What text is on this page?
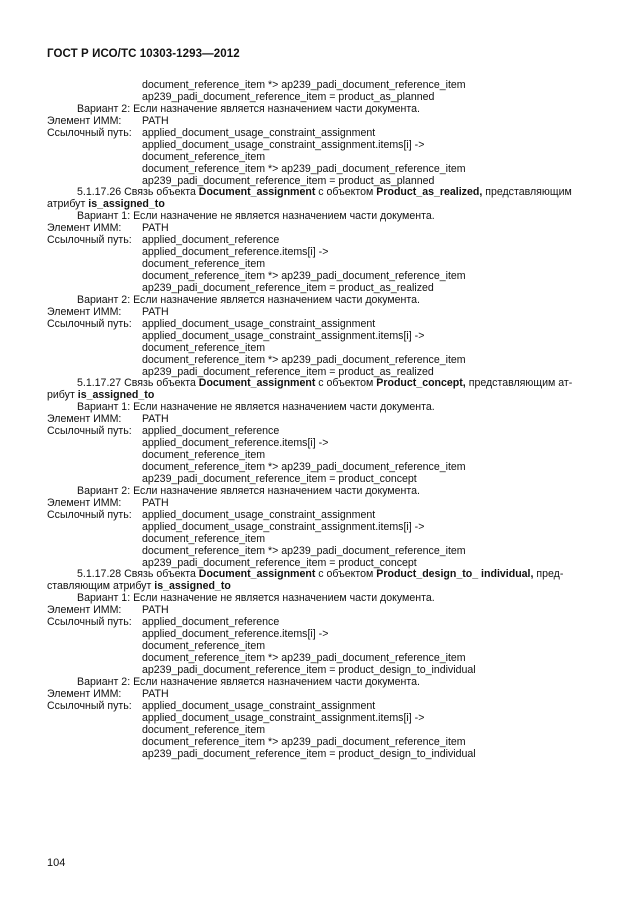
ГОСТ Р ИСО/ТС 10303-1293—2012
document_reference_item *> ap239_padi_document_reference_item
ap239_padi_document_reference_item = product_as_planned
Вариант 2: Если назначение является назначением части документа.
Элемент ИММ: PATH
Ссылочный путь: applied_document_usage_constraint_assignment
applied_document_usage_constraint_assignment.items[i] ->
document_reference_item
document_reference_item *> ap239_padi_document_reference_item
ap239_padi_document_reference_item = product_as_planned
5.1.17.26 Связь объекта Document_assignment с объектом Product_as_realized, представляющим
атрибут is_assigned_to
Вариант 1: Если назначение не является назначением части документа.
Элемент ИММ: PATH
Ссылочный путь: applied_document_reference
applied_document_reference.items[i] ->
document_reference_item
document_reference_item *> ap239_padi_document_reference_item
ap239_padi_document_reference_item = product_as_realized
Вариант 2: Если назначение является назначением части документа.
Элемент ИММ: PATH
Ссылочный путь: applied_document_usage_constraint_assignment
applied_document_usage_constraint_assignment.items[i] ->
document_reference_item
document_reference_item *> ap239_padi_document_reference_item
ap239_padi_document_reference_item = product_as_realized
5.1.17.27 Связь объекта Document_assignment с объектом Product_concept, представляющим ат-
рибут is_assigned_to
Вариант 1: Если назначение не является назначением части документа.
Элемент ИММ: PATH
Ссылочный путь: applied_document_reference
applied_document_reference.items[i] ->
document_reference_item
document_reference_item *> ap239_padi_document_reference_item
ap239_padi_document_reference_item = product_concept
Вариант 2: Если назначение является назначением части документа.
Элемент ИММ: PATH
Ссылочный путь: applied_document_usage_constraint_assignment
applied_document_usage_constraint_assignment.items[i] ->
document_reference_item
document_reference_item *> ap239_padi_document_reference_item
ap239_padi_document_reference_item = product_concept
5.1.17.28 Связь объекта Document_assignment с объектом Product_design_to_ individual, пред-
ставляющим атрибут is_assigned_to
Вариант 1: Если назначение не является назначением части документа.
Элемент ИММ: PATH
Ссылочный путь: applied_document_reference
applied_document_reference.items[i] ->
document_reference_item
document_reference_item *> ap239_padi_document_reference_item
ap239_padi_document_reference_item = product_design_to_individual
Вариант 2: Если назначение является назначением части документа.
Элемент ИММ: PATH
Ссылочный путь: applied_document_usage_constraint_assignment
applied_document_usage_constraint_assignment.items[i] ->
document_reference_item
document_reference_item *> ap239_padi_document_reference_item
ap239_padi_document_reference_item = product_design_to_individual
104
